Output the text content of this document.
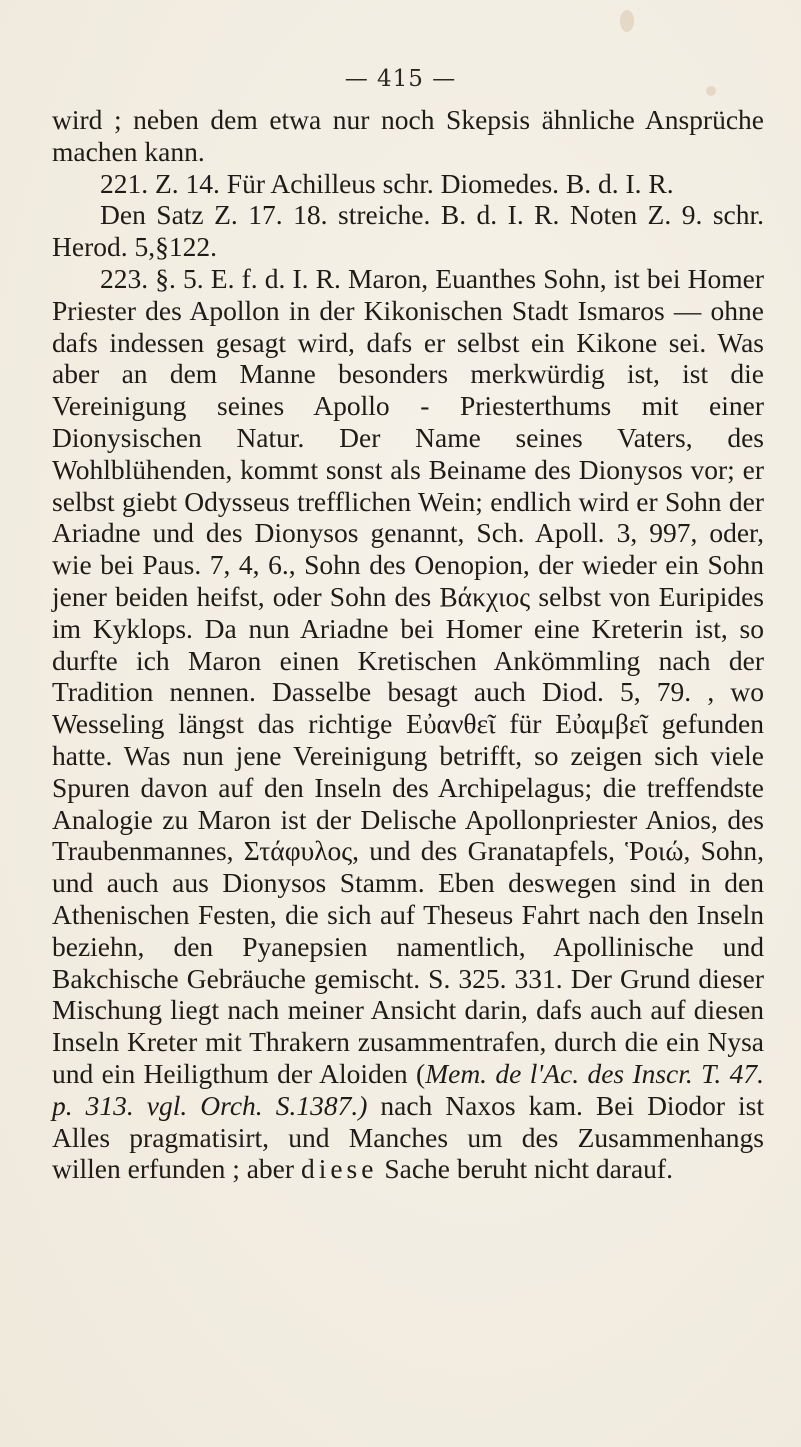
— 415 —

wird ; neben dem etwa nur noch Skepsis ähnliche Ansprüche machen kann.

221. Z. 14. Für Achilleus schr. Diomedes. B. d. I. R.

Den Satz Z. 17. 18. streiche. B. d. I. R. Noten Z. 9. schr. Herod. 5,§122.

223. §. 5. E. f. d. I. R. Maron, Euanthes Sohn, ist bei Homer Priester des Apollon in der Kikonischen Stadt Ismaros — ohne dafs indessen gesagt wird, dafs er selbst ein Kikone sei. Was aber an dem Manne besonders merkwürdig ist, ist die Vereinigung seines Apollo - Priesterthums mit einer Dionysischen Natur. Der Name seines Vaters, des Wohlblühenden, kommt sonst als Beiname des Dionysos vor; er selbst giebt Odysseus trefflichen Wein; endlich wird er Sohn der Ariadne und des Dionysos genannt, Sch. Apoll. 3, 997, oder, wie bei Paus. 7, 4, 6., Sohn des Oenopion, der wieder ein Sohn jener beiden heifst, oder Sohn des Βάκχιος selbst von Euripides im Kyklops. Da nun Ariadne bei Homer eine Kreterin ist, so durfte ich Maron einen Kretischen Ankömmling nach der Tradition nennen. Dasselbe besagt auch Diod. 5, 79. , wo Wesseling längst das richtige Εὐανθεῖ für Εὐαμβεῖ gefunden hatte. Was nun jene Vereinigung betrifft, so zeigen sich viele Spuren davon auf den Inseln des Archipelagus; die treffendste Analogie zu Maron ist der Delische Apollonpriester Anios, des Traubenmannes, Στάφυλος, und des Granatapfels, Ῥοιώ, Sohn, und auch aus Dionysos Stamm. Eben deswegen sind in den Athenischen Festen, die sich auf Theseus Fahrt nach den Inseln beziehn, den Pyanepsien namentlich, Apollinische und Bakchische Gebräuche gemischt. S. 325. 331. Der Grund dieser Mischung liegt nach meiner Ansicht darin, dafs auch auf diesen Inseln Kreter mit Thrakern zusammentrafen, durch die ein Nysa und ein Heiligthum der Aloiden (Mem. de l'Ac. des Inscr. T. 47. p. 313. vgl. Orch. S.1387.) nach Naxos kam. Bei Diodor ist Alles pragmatisirt, und Manches um des Zusammenhangs willen erfunden ; aber diese Sache beruht nicht darauf.
